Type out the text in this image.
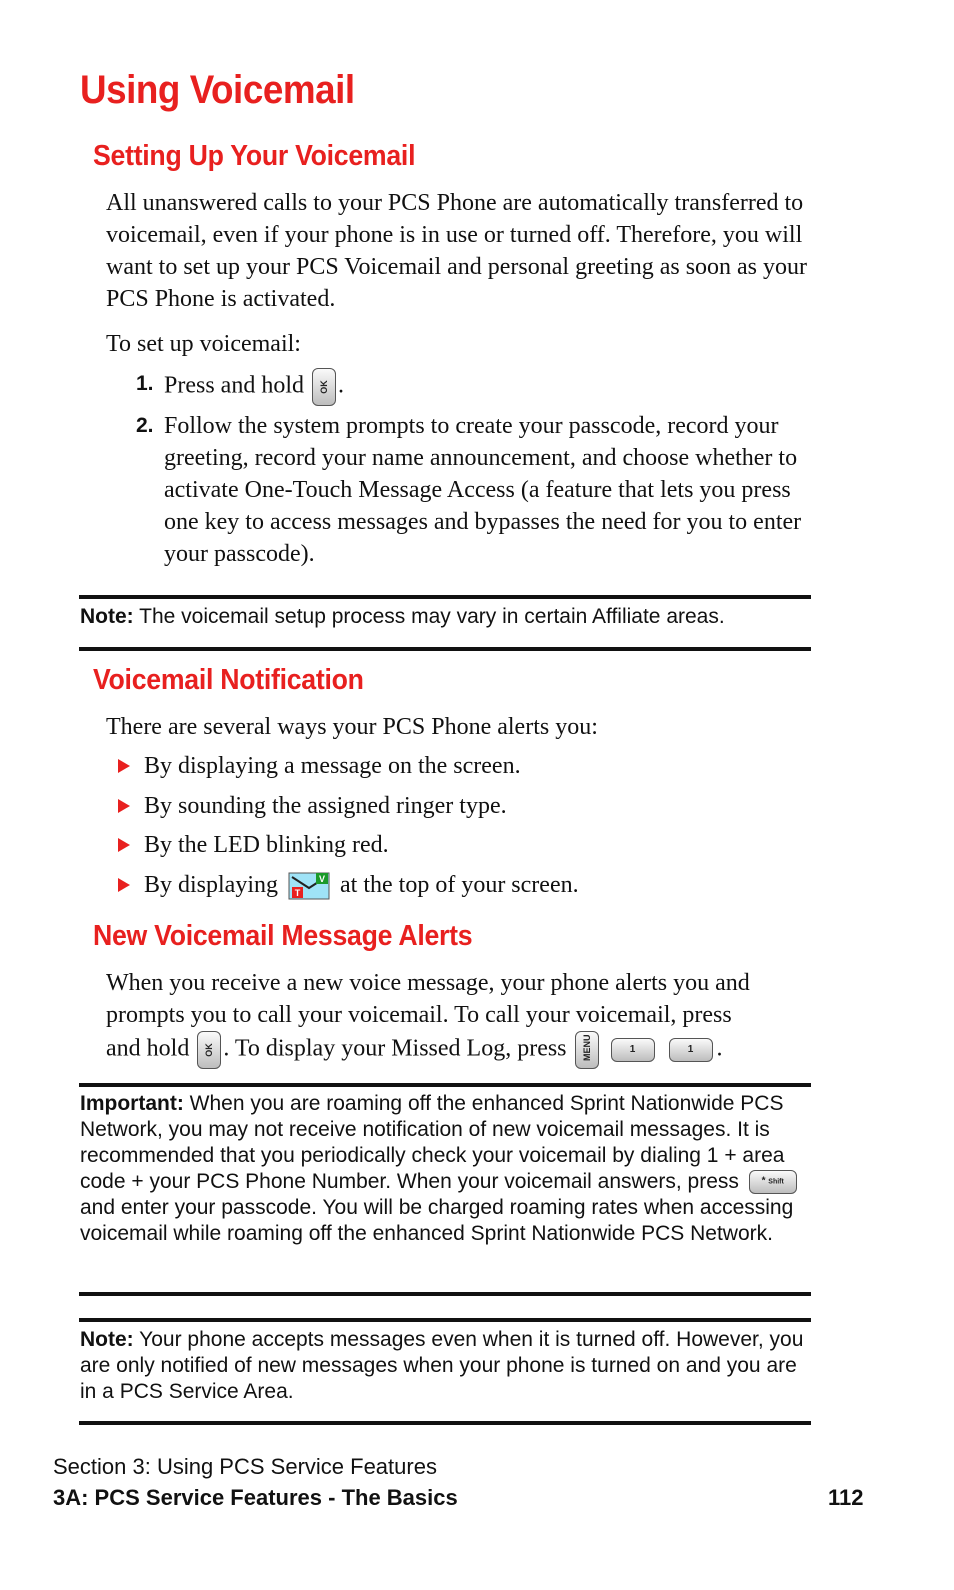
Using Voicemail
Setting Up Your Voicemail

All unanswered calls to your PCS Phone are automatically transferred to voicemail, even if your phone is in use or turned off. Therefore, you will want to set up your PCS Voicemail and personal greeting as soon as your PCS Phone is activated.

To set up voicemail:

1. Press and hold	OK .
2. Follow the system prompts to create your passcode, record your greeting, record your name announcement, and choose whether to activate One-Touch Message Access (a feature that lets you press one key to access messages and bypasses the need for you to enter your passcode).

Note: The voicemail setup process may vary in certain Affiliate areas.

Voicemail Notification

There are several ways your PCS Phone alerts you:

By displaying a message on the screen.
By sounding the assigned ringer type.
By the LED blinking red.
By displaying T
V at the top of your screen.
New Voicemail Message Alerts

When you receive a new voice message, your phone alerts you and prompts you to call your voicemail. To call your voicemail, press

and hold	OK . To display your Missed Log, press	MENU
	1
	1 .

Important: When you are roaming off the enhanced Sprint Nationwide PCS Network, you may not receive notification of new voicemail messages. It is recommended that you periodically check your voicemail by dialing 1 + area code + your PCS Phone Number. When your voicemail answers, press	* Shift
and enter your passcode. You will be charged roaming rates when accessing voicemail while roaming off the enhanced Sprint Nationwide PCS Network.

Note: Your phone accepts messages even when it is turned off. However, you are only notified of new messages when your phone is turned on and you are in a PCS Service Area.

Section 3: Using PCS Service Features
3A: PCS Service Features - The Basics	112
